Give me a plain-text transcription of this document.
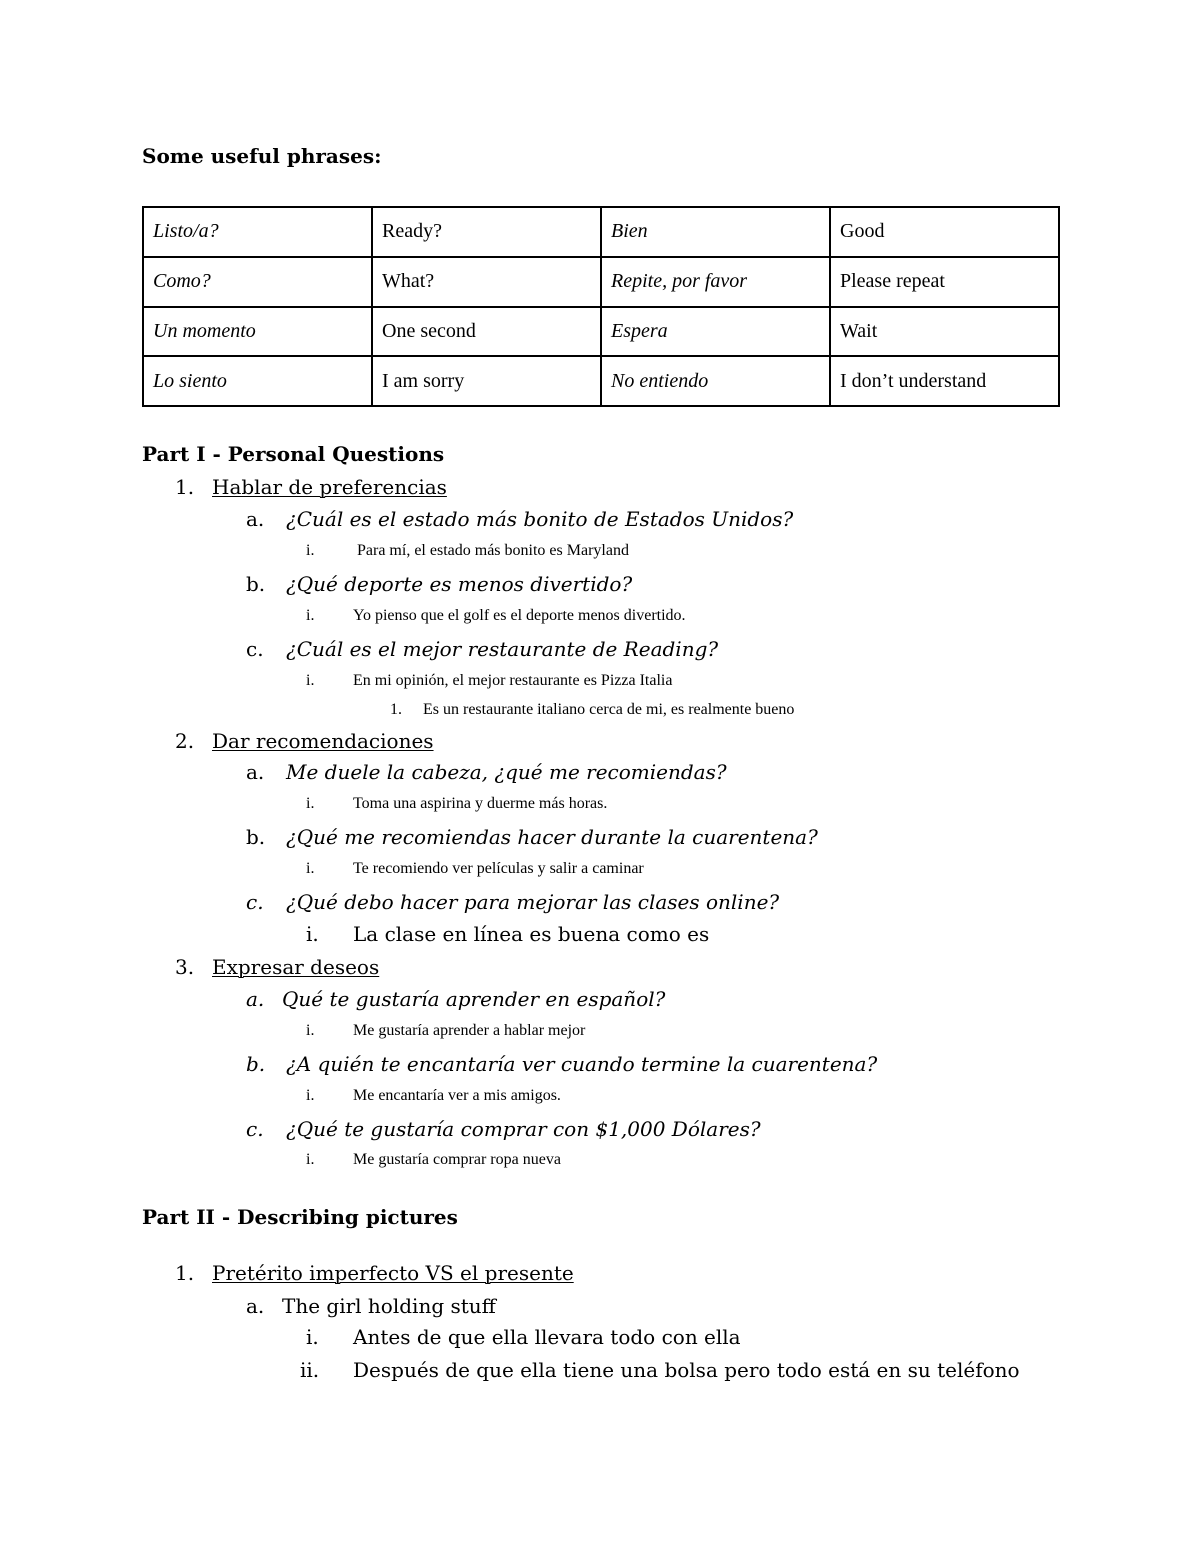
Some useful phrases:
Listo/a?	Ready?	Bien	Good
Como?	What?	Repite, por favor	Please repeat
Un momento	One second	Espera	Wait
Lo siento	I am sorry	No entiendo	I don’t understand
Part I - Personal Questions
1. Hablar de preferencias
a. ¿Cuál es el estado más bonito de Estados Unidos?
i.	Para mí, el estado más bonito es Maryland
b. ¿Qué deporte es menos divertido?
i. Yo pienso que el golf es el deporte menos divertido.
c. ¿Cuál es el mejor restaurante de Reading?
i. En mi opinión, el mejor restaurante es Pizza Italia
1. Es un restaurante italiano cerca de mi, es realmente bueno
2. Dar recomendaciones
a. Me duele la cabeza, ¿qué me recomiendas?
i. Toma una aspirina y duerme más horas.
b. ¿Qué me recomiendas hacer durante la cuarentena?
i. Te recomiendo ver películas y salir a caminar
c. ¿Qué debo hacer para mejorar las clases online?
i. La clase en línea es buena como es
3. Expresar deseos
a. Qué te gustaría aprender en español?
i. Me gustaría aprender a hablar mejor
b. ¿A quién te encantaría ver cuando termine la cuarentena?
i. Me encantaría ver a mis amigos.
c. ¿Qué te gustaría comprar con $1,000 Dólares?
i. Me gustaría comprar ropa nueva
Part II - Describing pictures
1. Pretérito imperfecto VS el presente
a. The girl holding stuff
i. Antes de que ella llevara todo con ella
ii. Después de que ella tiene una bolsa pero todo está en su teléfono
